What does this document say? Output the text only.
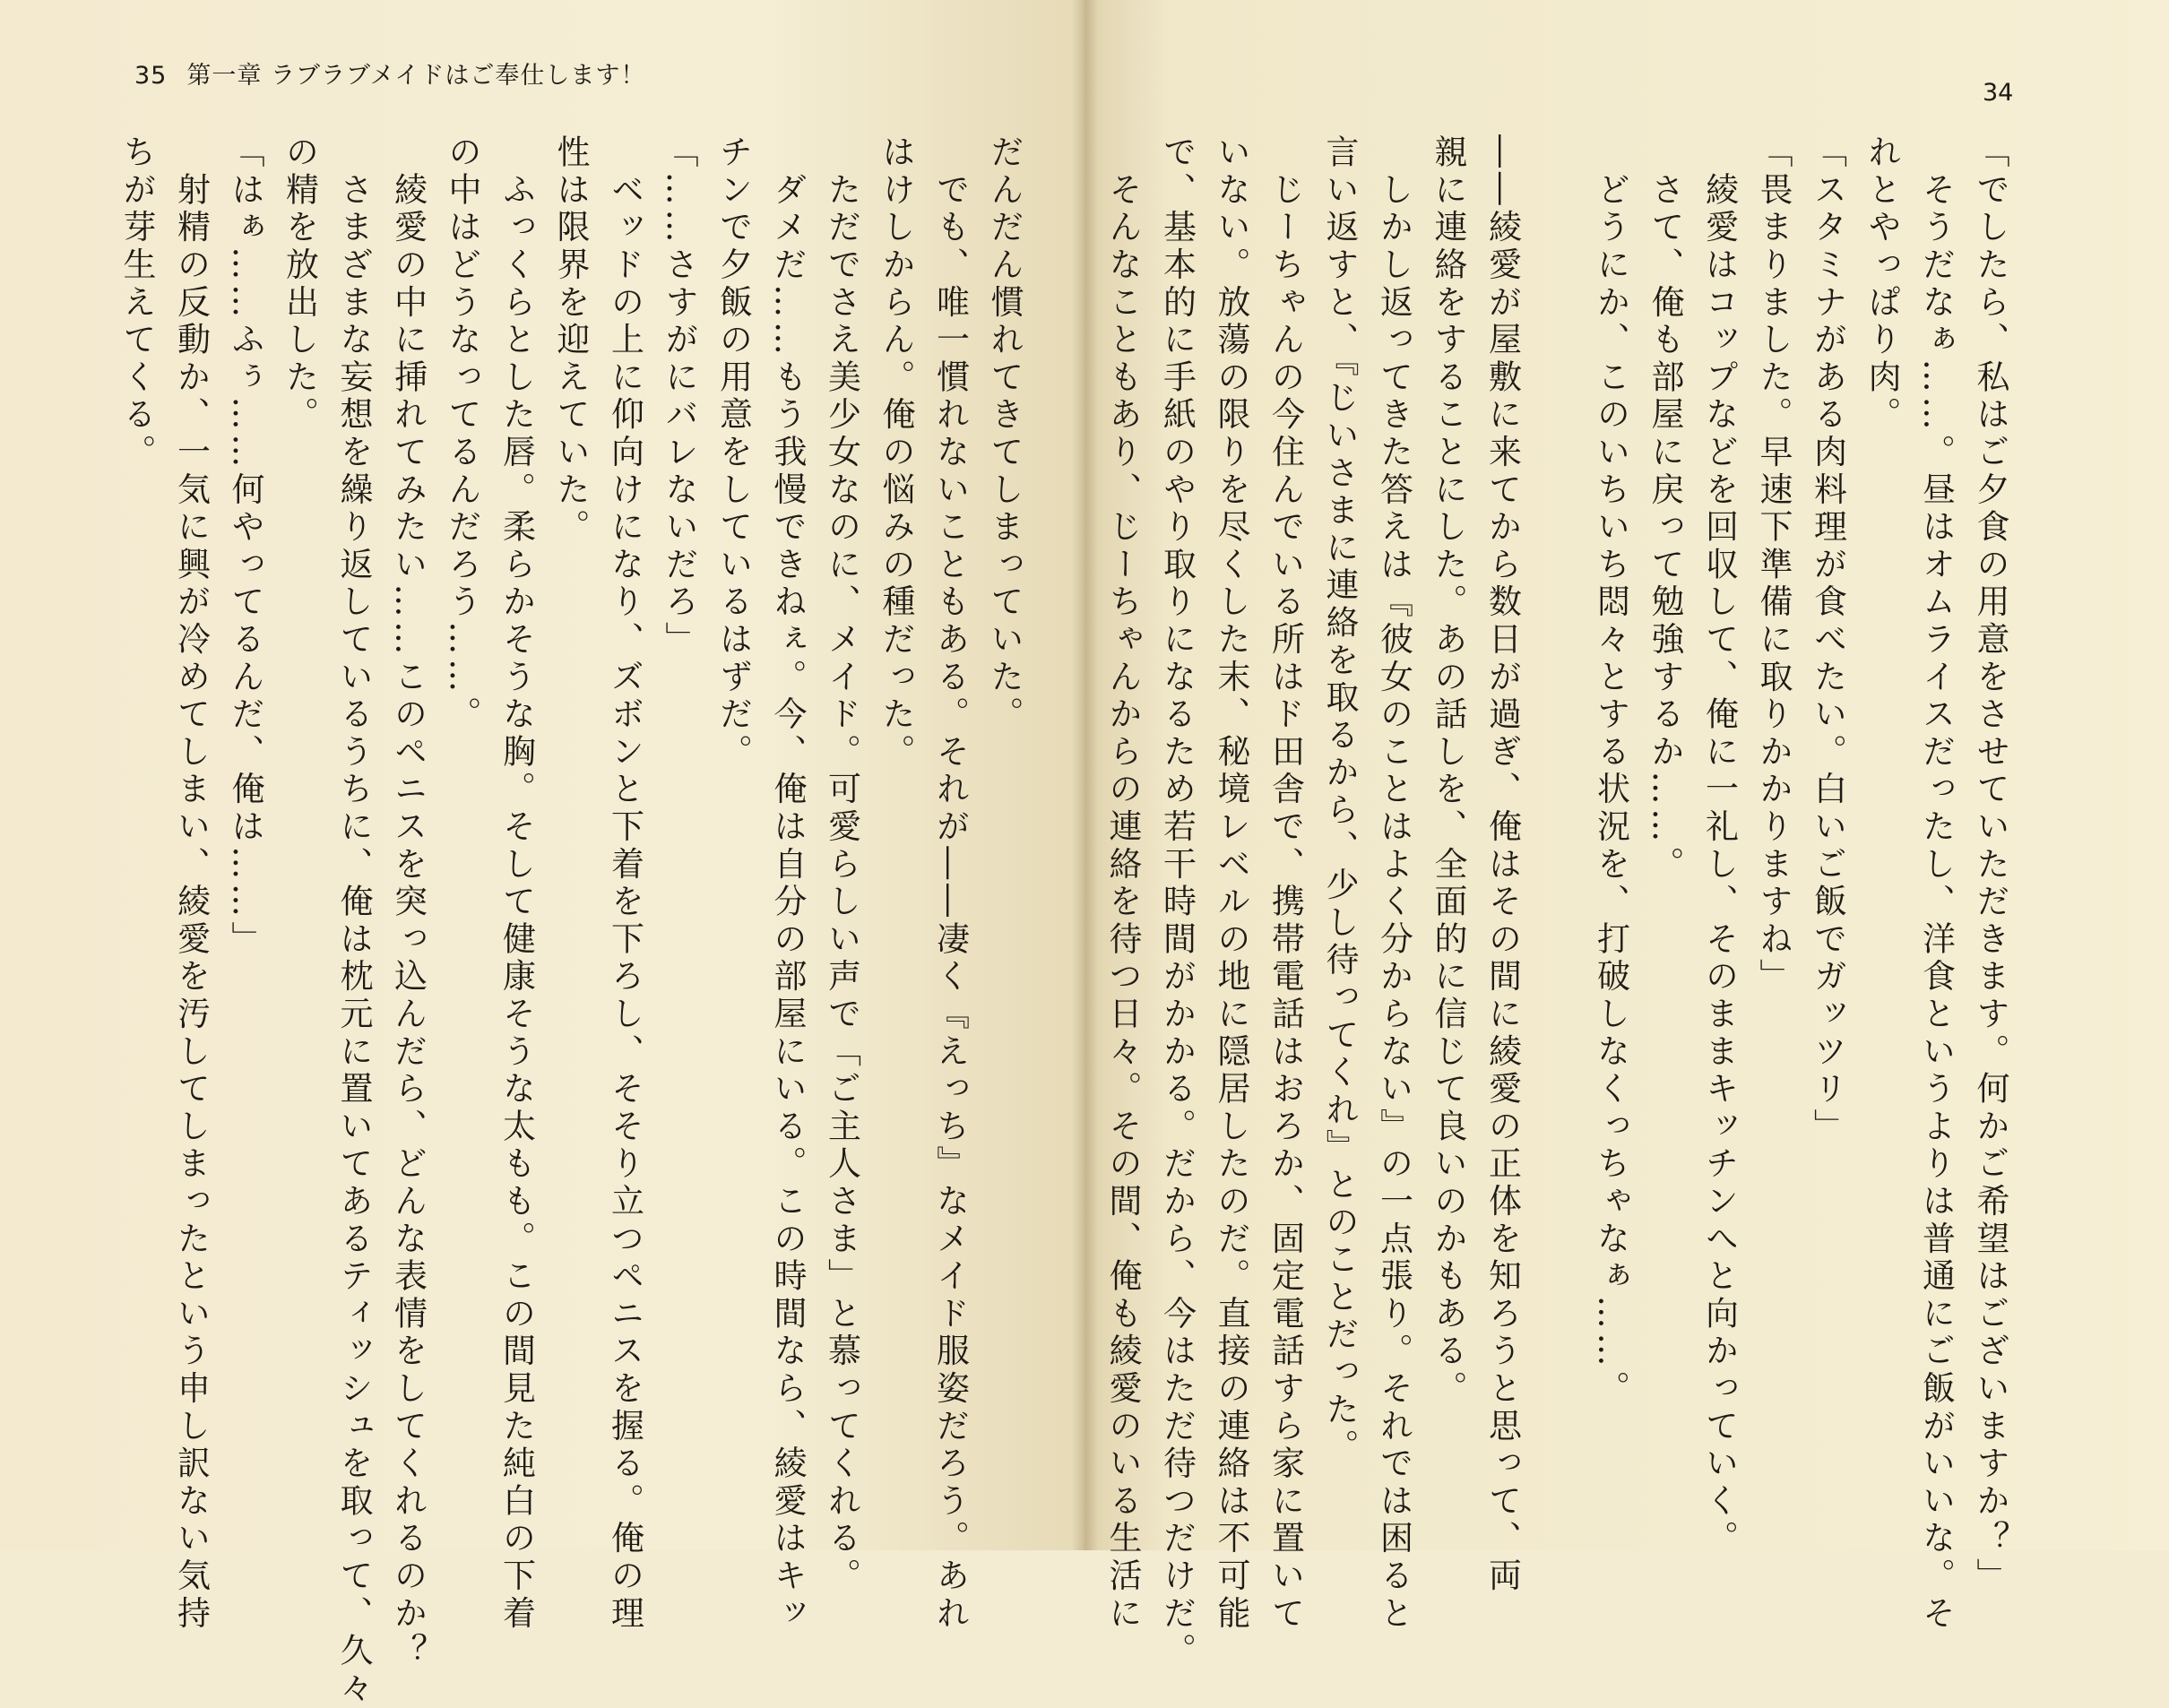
35 第一章 ラブラブメイドはご奉仕します！
34
「でしたら、私はご夕食の用意をさせていただきます。何かご希望はございますか？」
　そうだなぁ……。昼はオムライスだったし、洋食というよりは普通にご飯がいいな。そ
れとやっぱり肉。
「スタミナがある肉料理が食べたい。白いご飯でガッツリ」
「畏まりました。早速下準備に取りかかりますね」
　綾愛はコップなどを回収して、俺に一礼し、そのままキッチンへと向かっていく。
　さて、俺も部屋に戻って勉強するか……。
　どうにか、このいちいち悶々とする状況を、打破しなくっちゃなぁ……。

――綾愛が屋敷に来てから数日が過ぎ、俺はその間に綾愛の正体を知ろうと思って、両
親に連絡をすることにした。あの話しを、全面的に信じて良いのかもある。
　しかし返ってきた答えは『彼女のことはよく分からない』の一点張り。それでは困ると
言い返すと、『じいさまに連絡を取るから、少し待ってくれ』とのことだった。
　じーちゃんの今住んでいる所はド田舎で、携帯電話はおろか、固定電話すら家に置いて
いない。放蕩の限りを尽くした末、秘境レベルの地に隠居したのだ。直接の連絡は不可能
で、基本的に手紙のやり取りになるため若干時間がかかる。だから、今はただ待つだけだ。
　そんなこともあり、じーちゃんからの連絡を待つ日々。その間、俺も綾愛のいる生活に
だんだん慣れてきてしまっていた。
　でも、唯一慣れないこともある。それが――凄く『えっち』なメイド服姿だろう。あれ
はけしからん。俺の悩みの種だった。
　ただでさえ美少女なのに、メイド。可愛らしい声で「ご主人さま」と慕ってくれる。
　ダメだ……もう我慢できねぇ。今、俺は自分の部屋にいる。この時間なら、綾愛はキッ
チンで夕飯の用意をしているはずだ。
「……さすがにバレないだろ」
　ベッドの上に仰向けになり、ズボンと下着を下ろし、そそり立つペニスを握る。俺の理
性は限界を迎えていた。
　ふっくらとした唇。柔らかそうな胸。そして健康そうな太もも。この間見た純白の下着
の中はどうなってるんだろう……。
　綾愛の中に挿れてみたい……このペニスを突っ込んだら、どんな表情をしてくれるのか？
　さまざまな妄想を繰り返しているうちに、俺は枕元に置いてあるティッシュを取って、久々
の精を放出した。
「はぁ……ふぅ……何やってるんだ、俺は……」
　射精の反動か、一気に興が冷めてしまい、綾愛を汚してしまったという申し訳ない気持
ちが芽生えてくる。
